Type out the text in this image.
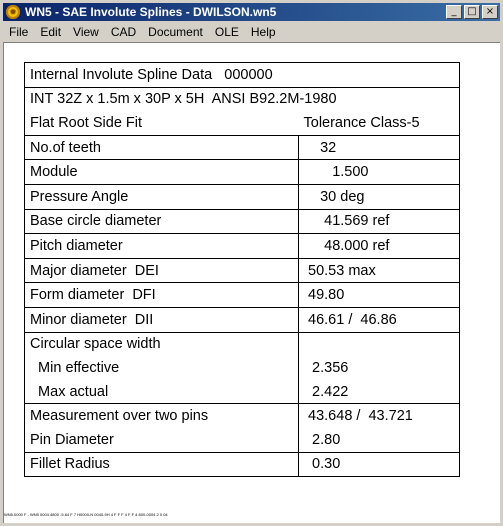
✹ WN5 - SAE Involute Splines - DWILSON.wn5	_	□ ×
File	Edit	View	CAD	Document	OLE	Help
Internal Involute Spline Data   000000	
INT 32Z x 1.5m x 30P x 5H  ANSI B92.2M-1980	
Flat Root Side Fit	Tolerance Class-5
No.of teeth	32
Module	1.500
Pressure Angle	30 deg
Base circle diameter	41.569 ref
Pitch diameter	48.000 ref
Major diameter  DEI	50.53 max
Form diameter  DFI	49.80
Minor diameter  DII	46.61 /  46.86
Circular space width	
Min effective	2.356
Max actual	2.422
Measurement over two pins	43.648 /  43.721
Pin Diameter	2.80
Fillet Radius	0.30
WN5.0000 F - WN5 0004.4800 -5.64 F 7 H0000-N 0040-9H 4 F F F 4 F F 4 800-0004 2 0 04
